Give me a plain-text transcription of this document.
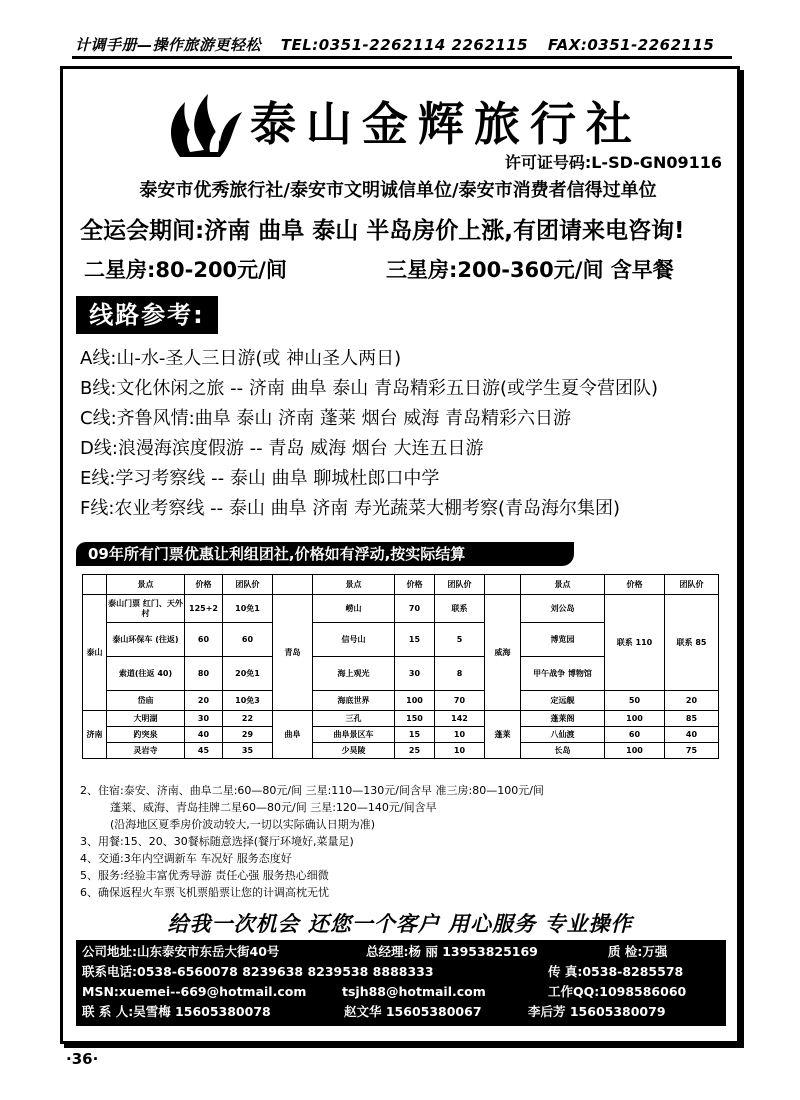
计调手册—操作旅游更轻松 TEL:0351-2262114 2262115 FAX:0351-2262115
泰山金辉旅行社
许可证号码:L-SD-GN09116
泰安市优秀旅行社/泰安市文明诚信单位/泰安市消费者信得过单位
全运会期间:济南 曲阜 泰山 半岛房价上涨,有团请来电咨询!
二星房:80-200元/间	三星房:200-360元/间 含早餐
线路参考:
A线:山-水-圣人三日游(或 神山圣人两日)
B线:文化休闲之旅 -- 济南 曲阜 泰山 青岛精彩五日游(或学生夏令营团队)
C线:齐鲁风情:曲阜 泰山 济南 蓬莱 烟台 威海 青岛精彩六日游
D线:浪漫海滨度假游 -- 青岛 威海 烟台 大连五日游
E线:学习考察线 -- 泰山 曲阜 聊城杜郎口中学
F线:农业考察线 -- 泰山 曲阜 济南 寿光蔬菜大棚考察(青岛海尔集团)
09年所有门票优惠让利组团社,价格如有浮动,按实际结算
	景点	价格	团队价		景点	价格	团队价		景点	价格	团队价
泰山	泰山门票 红门、天外村	125+2	10免1	青岛	崂山	70	联系	威海	刘公岛	联系 110	联系 85
	泰山环保车 (往返)	60	60		信号山	15	5		博览园		
	索道(往返 40)	80	20免1		海上观光	30	8		甲午战争 博物馆		
	岱庙	20	10免3		海底世界	100	70		定远舰	50	20
济南	大明湖	30	22	曲阜	三孔	150	142	蓬莱	蓬莱阁	100	85
	趵突泉	40	29		曲阜景区车	15	10		八仙渡	60	40
	灵岩寺	45	35		少昊陵	25	10		长岛	100	75
2、住宿:泰安、济南、曲阜二星:60—80元/间 三星:110—130元/间含早 准三房:80—100元/间
蓬莱、威海、青岛挂牌二星60—80元/间 三星:120—140元/间含早
(沿海地区夏季房价波动较大,一切以实际确认日期为准)
3、用餐:15、20、30餐标随意选择(餐厅环境好,菜量足)
4、交通:3年内空调新车 车况好 服务态度好
5、服务:经验丰富优秀导游 责任心强 服务热心细微
6、确保返程火车票飞机票船票让您的计调高枕无忧
给我一次机会 还您一个客户 用心服务 专业操作
公司地址:山东泰安市东岳大街40号	总经理:杨 丽 13953825169	质 检:万强
联系电话:0538-6560078 8239638 8239538 8888333	传 真:0538-8285578
MSN:xuemei--669@hotmail.com	tsjh88@hotmail.com	工作QQ:1098586060
联 系 人:吴雪梅 15605380078	赵文华 15605380067	李后芳 15605380079
·36·
